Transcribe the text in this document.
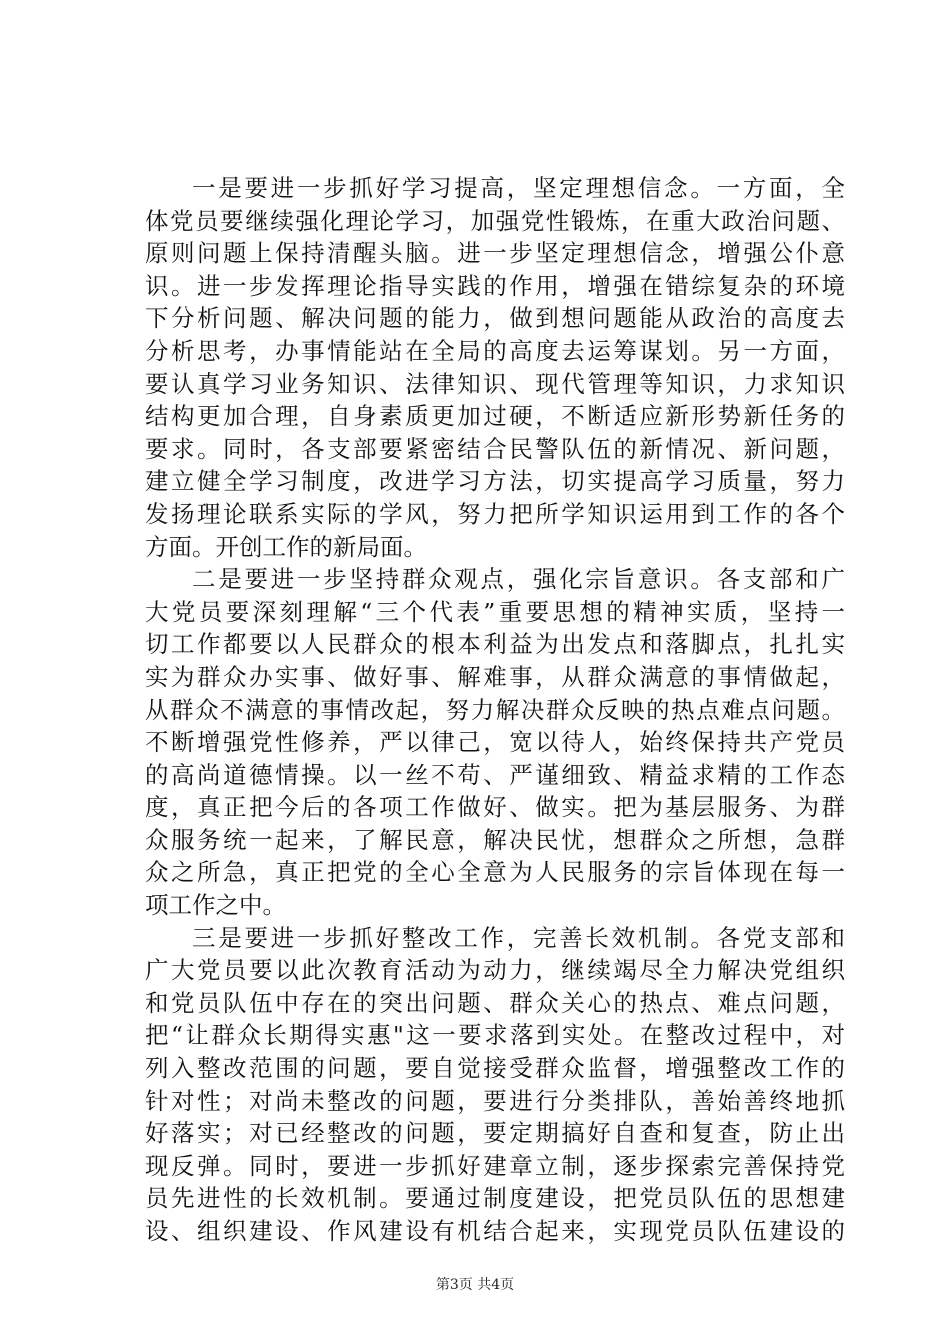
一是要进一步抓好学习提高，坚定理想信念。一方面，全
体党员要继续强化理论学习，加强党性锻炼，在重大政治问题、
原则问题上保持清醒头脑。进一步坚定理想信念，增强公仆意
识。进一步发挥理论指导实践的作用，增强在错综复杂的环境
下分析问题、解决问题的能力，做到想问题能从政治的高度去
分析思考，办事情能站在全局的高度去运筹谋划。另一方面，
要认真学习业务知识、法律知识、现代管理等知识，力求知识
结构更加合理，自身素质更加过硬，不断适应新形势新任务的
要求。同时，各支部要紧密结合民警队伍的新情况、新问题，
建立健全学习制度，改进学习方法，切实提高学习质量，努力
发扬理论联系实际的学风，努力把所学知识运用到工作的各个
方面。开创工作的新局面。
二是要进一步坚持群众观点，强化宗旨意识。各支部和广
大党员要深刻理解“三个代表”重要思想的精神实质，坚持一
切工作都要以人民群众的根本利益为出发点和落脚点，扎扎实
实为群众办实事、做好事、解难事，从群众满意的事情做起，
从群众不满意的事情改起，努力解决群众反映的热点难点问题。
不断增强党性修养，严以律己，宽以待人，始终保持共产党员
的高尚道德情操。以一丝不苟、严谨细致、精益求精的工作态
度，真正把今后的各项工作做好、做实。把为基层服务、为群
众服务统一起来，了解民意，解决民忧，想群众之所想，急群
众之所急，真正把党的全心全意为人民服务的宗旨体现在每一
项工作之中。
三是要进一步抓好整改工作，完善长效机制。各党支部和
广大党员要以此次教育活动为动力，继续竭尽全力解决党组织
和党员队伍中存在的突出问题、群众关心的热点、难点问题，
把“让群众长期得实惠"这一要求落到实处。在整改过程中，对
列入整改范围的问题，要自觉接受群众监督，增强整改工作的
针对性；对尚未整改的问题，要进行分类排队，善始善终地抓
好落实；对已经整改的问题，要定期搞好自查和复查，防止出
现反弹。同时，要进一步抓好建章立制，逐步探索完善保持党
员先进性的长效机制。要通过制度建设，把党员队伍的思想建
设、组织建设、作风建设有机结合起来，实现党员队伍建设的
第3页 共4页
